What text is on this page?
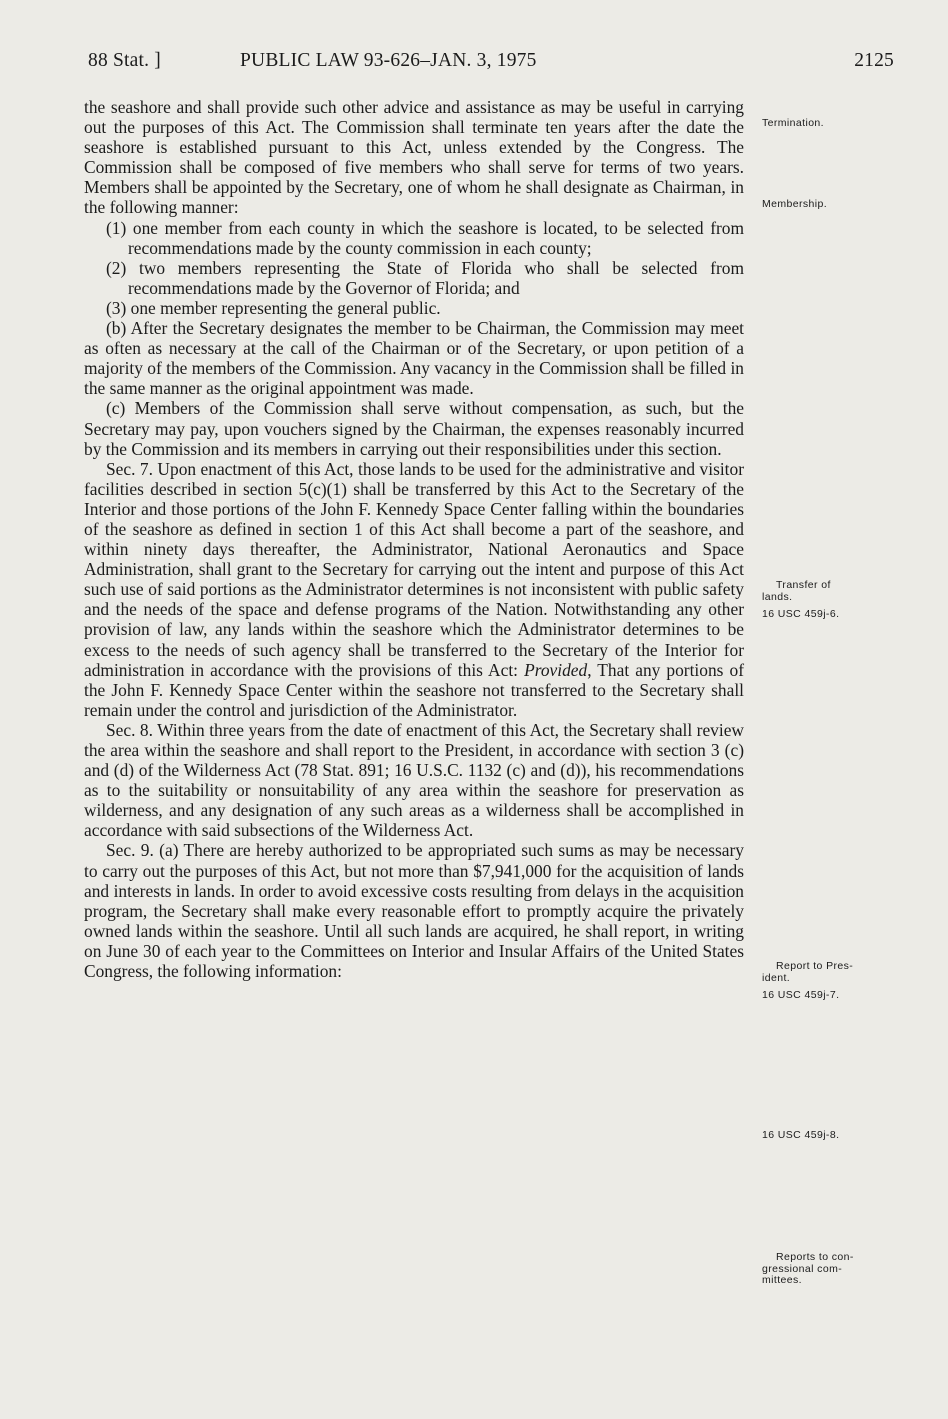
88 Stat. ]	PUBLIC LAW 93-626–JAN. 3, 1975	2125

the seashore and shall provide such other advice and assistance as may be useful in carrying out the purposes of this Act. The Commission shall terminate ten years after the date the seashore is established pursuant to this Act, unless extended by the Congress. The Commission shall be composed of five members who shall serve for terms of two years. Members shall be appointed by the Secretary, one of whom he shall designate as Chairman, in the following manner:

(1) one member from each county in which the seashore is located, to be selected from recommendations made by the county commission in each county;

(2) two members representing the State of Florida who shall be selected from recommendations made by the Governor of Florida; and

(3) one member representing the general public.

(b) After the Secretary designates the member to be Chairman, the Commission may meet as often as necessary at the call of the Chairman or of the Secretary, or upon petition of a majority of the members of the Commission. Any vacancy in the Commission shall be filled in the same manner as the original appointment was made.

(c) Members of the Commission shall serve without compensation, as such, but the Secretary may pay, upon vouchers signed by the Chairman, the expenses reasonably incurred by the Commission and its members in carrying out their responsibilities under this section.

Sec. 7. Upon enactment of this Act, those lands to be used for the administrative and visitor facilities described in section 5(c)(1) shall be transferred by this Act to the Secretary of the Interior and those portions of the John F. Kennedy Space Center falling within the boundaries of the seashore as defined in section 1 of this Act shall become a part of the seashore, and within ninety days thereafter, the Administrator, National Aeronautics and Space Administration, shall grant to the Secretary for carrying out the intent and purpose of this Act such use of said portions as the Administrator determines is not inconsistent with public safety and the needs of the space and defense programs of the Nation. Notwithstanding any other provision of law, any lands within the seashore which the Administrator determines to be excess to the needs of such agency shall be transferred to the Secretary of the Interior for administration in accordance with the provisions of this Act: Provided, That any portions of the John F. Kennedy Space Center within the seashore not transferred to the Secretary shall remain under the control and jurisdiction of the Administrator.

Sec. 8. Within three years from the date of enactment of this Act, the Secretary shall review the area within the seashore and shall report to the President, in accordance with section 3 (c) and (d) of the Wilderness Act (78 Stat. 891; 16 U.S.C. 1132 (c) and (d)), his recommendations as to the suitability or nonsuitability of any area within the seashore for preservation as wilderness, and any designation of any such areas as a wilderness shall be accomplished in accordance with said subsections of the Wilderness Act.

Sec. 9. (a) There are hereby authorized to be appropriated such sums as may be necessary to carry out the purposes of this Act, but not more than $7,941,000 for the acquisition of lands and interests in lands. In order to avoid excessive costs resulting from delays in the acquisition program, the Secretary shall make every reasonable effort to promptly acquire the privately owned lands within the seashore. Until all such lands are acquired, he shall report, in writing on June 30 of each year to the Committees on Interior and Insular Affairs of the United States Congress, the following information:

Termination.
Membership.
Transfer of
lands.
16 USC 459j-6.
Report to Pres-
ident.
16 USC 459j-7.
16 USC 459j-8.
Reports to con-
gressional com-
mittees.
